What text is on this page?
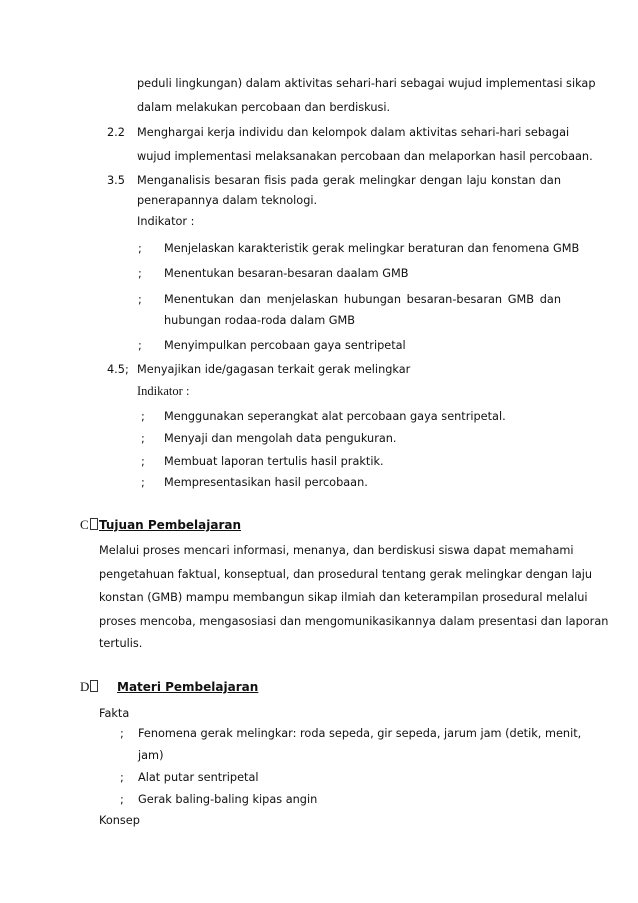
peduli lingkungan) dalam aktivitas sehari-hari sebagai wujud implementasi sikap
dalam melakukan percobaan dan berdiskusi.
2.2 Menghargai kerja individu dan kelompok dalam aktivitas sehari-hari sebagai
wujud implementasi melaksanakan percobaan dan melaporkan hasil percobaan.
3.5 Menganalisis besaran fisis pada gerak melingkar dengan laju konstan dan
penerapannya dalam teknologi.
Indikator :
; Menjelaskan karakteristik gerak melingkar beraturan dan fenomena GMB
; Menentukan besaran-besaran daalam GMB
; Menentukan dan menjelaskan hubungan besaran-besaran GMB dan
hubungan rodaa-roda dalam GMB
; Menyimpulkan percobaan gaya sentripetal
4.5; Menyajikan ide/gagasan terkait gerak melingkar
Indikator :
; Menggunakan seperangkat alat percobaan gaya sentripetal.
; Menyaji dan mengolah data pengukuran.
; Membuat laporan tertulis hasil praktik.
; Mempresentasikan hasil percobaan.
C Tujuan Pembelajaran
Melalui proses mencari informasi, menanya, dan berdiskusi siswa dapat memahami
pengetahuan faktual, konseptual, dan prosedural tentang gerak melingkar dengan laju
konstan (GMB) mampu membangun sikap ilmiah dan keterampilan prosedural melalui
proses mencoba, mengasosiasi dan mengomunikasikannya dalam presentasi dan laporan
tertulis.
D	Materi Pembelajaran
Fakta
; Fenomena gerak melingkar: roda sepeda, gir sepeda, jarum jam (detik, menit,
jam)
; Alat putar sentripetal
; Gerak baling-baling kipas angin
Konsep
